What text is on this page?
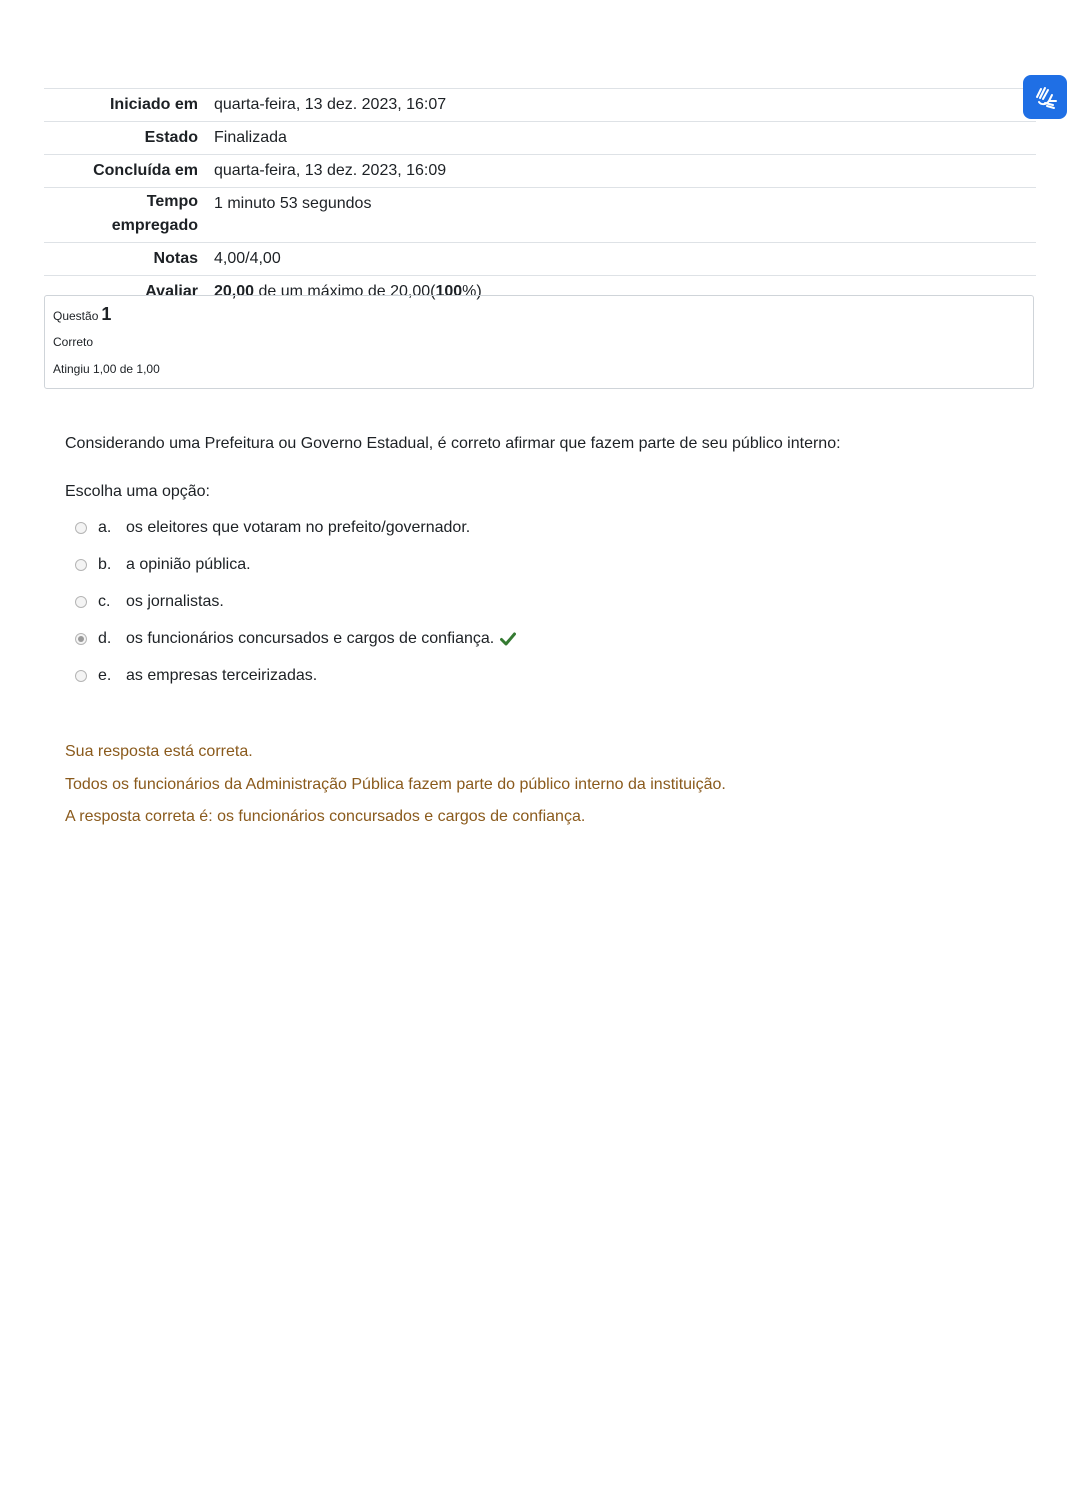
Iniciado em	quarta-feira, 13 dez. 2023, 16:07
Estado	Finalizada
Concluída em	quarta-feira, 13 dez. 2023, 16:09
Tempo
empregado	1 minuto 53 segundos
Notas	4,00/4,00
Avaliar	20,00 de um máximo de 20,00(100%)
Questão 1
Correto
Atingiu 1,00 de 1,00
Considerando uma Prefeitura ou Governo Estadual, é correto afirmar que fazem parte de seu público interno:
Escolha uma opção:
a. os eleitores que votaram no prefeito/governador.
b. a opinião pública.
c. os jornalistas.
d. os funcionários concursados e cargos de confiança.
e. as empresas terceirizadas.
Sua resposta está correta.
Todos os funcionários da Administração Pública fazem parte do público interno da instituição.
A resposta correta é: os funcionários concursados e cargos de confiança.
